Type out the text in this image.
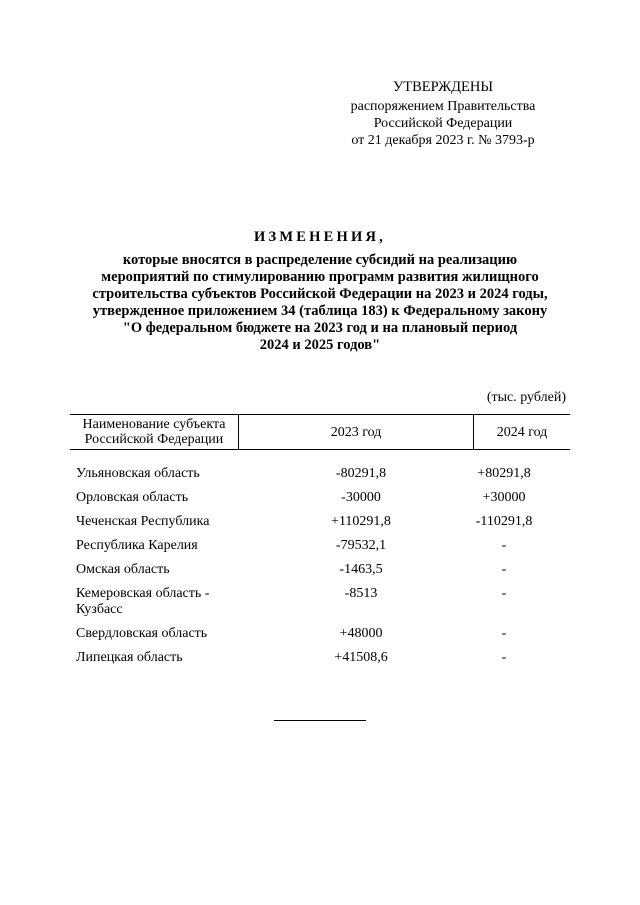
УТВЕРЖДЕНЫ
распоряжением Правительства
Российской Федерации
от 21 декабря 2023 г. № 3793-р
ИЗМЕНЕНИЯ,
которые вносятся в распределение субсидий на реализацию
мероприятий по стимулированию программ развития жилищного
строительства субъектов Российской Федерации на 2023 и 2024 годы,
утвержденное приложением 34 (таблица 183) к Федеральному закону
"О федеральном бюджете на 2023 год и на плановый период
2024 и 2025 годов"
(тыс. рублей)
Наименование субъекта
Российской Федерации	2023 год	2024 год
Ульяновская область	-80291,8	+80291,8
Орловская область	-30000	+30000
Чеченская Республика	+110291,8	-110291,8
Республика Карелия	-79532,1	-
Омская область	-1463,5	-
Кемеровская область -
Кузбасс
-8513	-
Свердловская область	+48000	-
Липецкая область	+41508,6	-
